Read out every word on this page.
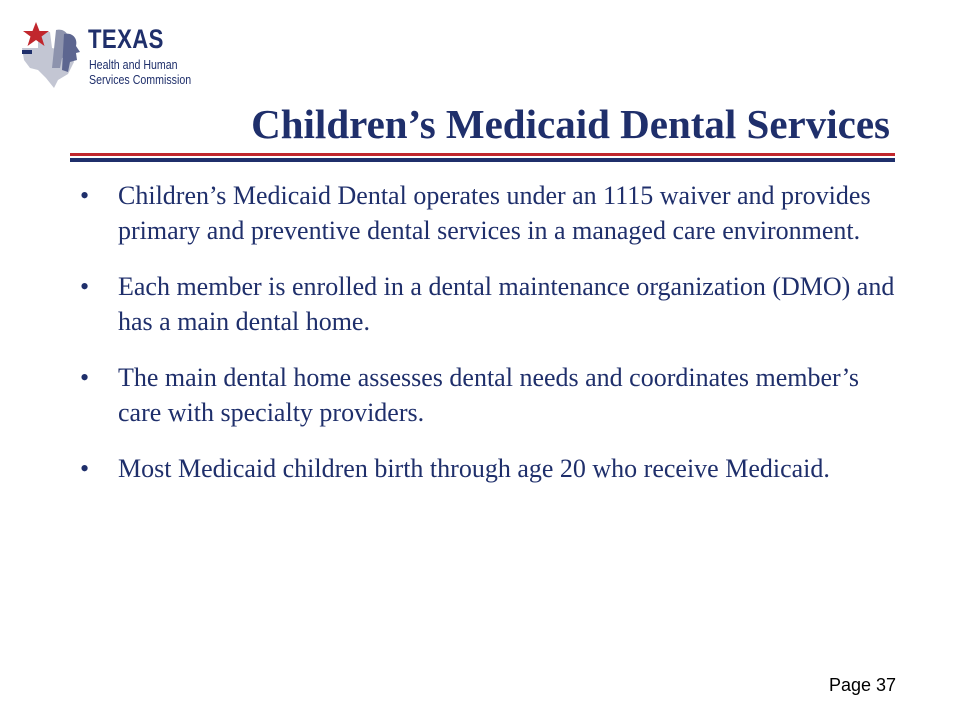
TEXAS
Health and Human
Services Commission
Children’s Medicaid Dental Services
• Children’s Medicaid Dental operates under an 1115 waiver and provides primary and preventive dental services in a managed care environment.
• Each member is enrolled in a dental maintenance organization (DMO) and has a main dental home.
• The main dental home assesses dental needs and coordinates member’s care with specialty providers.
• Most Medicaid children birth through age 20 who receive Medicaid.
Page 37
